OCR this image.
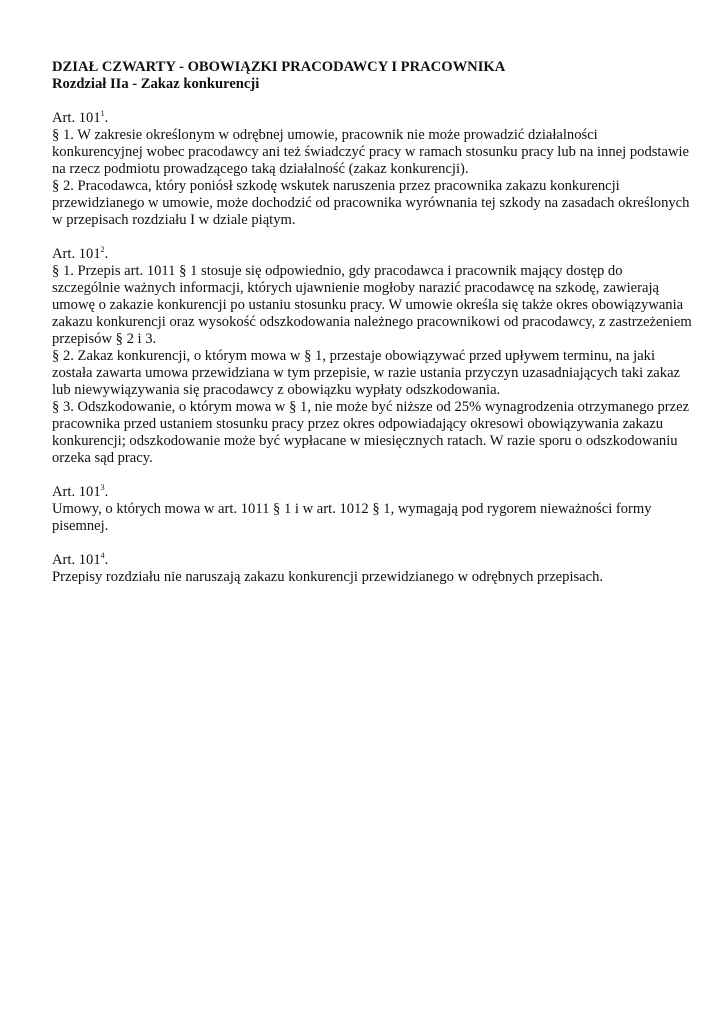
DZIAŁ CZWARTY - OBOWIĄZKI PRACODAWCY I PRACOWNIKA

Rozdział IIa - Zakaz konkurencji

Art. $101^1$.

§ 1. W zakresie określonym w odrębnej umowie, pracownik nie może prowadzić działalności konkurencyjnej wobec pracodawcy ani też świadczyć pracy w ramach stosunku pracy lub na innej podstawie na rzecz podmiotu prowadzącego taką działalność (zakaz konkurencji).

§ 2. Pracodawca, który poniósł szkodę wskutek naruszenia przez pracownika zakazu konkurencji przewidzianego w umowie, może dochodzić od pracownika wyrównania tej szkody na zasadach określonych w przepisach rozdziału I w dziale piątym.

Art. $101^2$.

§ 1. Przepis art. 1011 § 1 stosuje się odpowiednio, gdy pracodawca i pracownik mający dostęp do szczególnie ważnych informacji, których ujawnienie mogłoby narazić pracodawcę na szkodę, zawierają umowę o zakazie konkurencji po ustaniu stosunku pracy. W umowie określa się także okres obowiązywania zakazu konkurencji oraz wysokość odszkodowania należnego pracownikowi od pracodawcy, z zastrzeżeniem przepisów § 2 i 3.

§ 2. Zakaz konkurencji, o którym mowa w § 1, przestaje obowiązywać przed upływem terminu, na jaki została zawarta umowa przewidziana w tym przepisie, w razie ustania przyczyn uzasadniających taki zakaz lub niewywiązywania się pracodawcy z obowiązku wypłaty odszkodowania.

§ 3. Odszkodowanie, o którym mowa w § 1, nie może być niższe od 25% wynagrodzenia otrzymanego przez pracownika przed ustaniem stosunku pracy przez okres odpowiadający okresowi obowiązywania zakazu konkurencji; odszkodowanie może być wypłacane w miesięcznych ratach. W razie sporu o odszkodowaniu orzeka sąd pracy.

Art. $101^3$.

Umowy, o których mowa w art. 1011 § 1 i w art. 1012 § 1, wymagają pod rygorem nieważności formy pisemnej.

Art. $101^4$.

Przepisy rozdziału nie naruszają zakazu konkurencji przewidzianego w odrębnych przepisach.
